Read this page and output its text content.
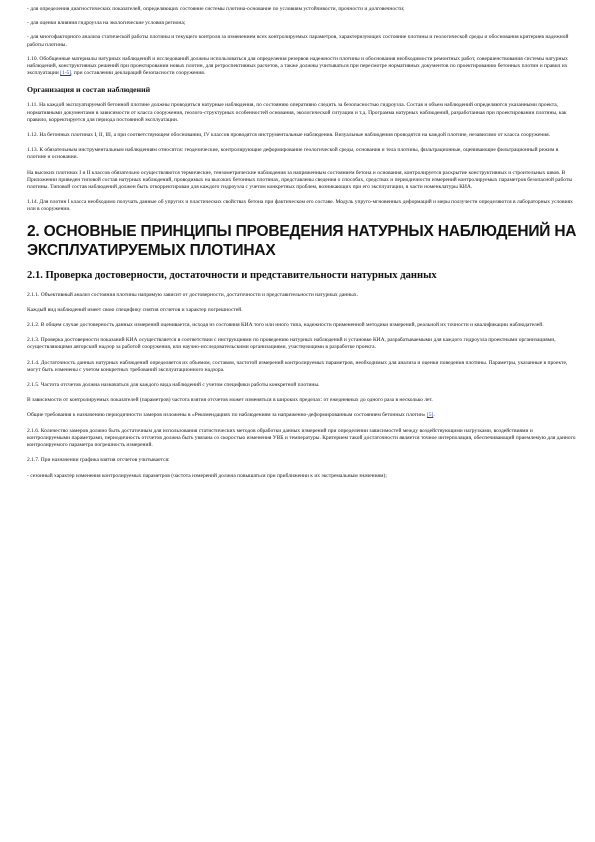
- для определения диагностических показателей, определяющих состояние системы плотина-основание по условиям устойчивости, прочности и долговечности;

- для оценки влияния гидроузла на экологические условия региона;

- для многофакторного анализа статической работы плотины и текущего контроля за изменением всех контролируемых параметров, характеризующих состояние плотины и геологической среды и обоснования критериев надежной работы плотины.

1.10. Обобщенные материалы натурных наблюдений и исследований должны использоваться для определения резервов надежности плотины и обоснования необходимости ремонтных работ, совершенствования системы натурных наблюдений, конструктивных решений при проектировании новых плотин, для ретроспективных расчетов, а также должны учитываться при пересмотре нормативных документов по проектированию бетонных плотин и правил их эксплуатации [1-5], при составлении деклараций безопасности сооружения.

Организация и состав наблюдений

1.11. На каждой эксплуатируемой бетонной плотине должны проводиться натурные наблюдения, по состоянию оперативно следить за безопасностью гидроузла. Состав и объем наблюдений определяются указанными проекта, нормативными документами в зависимости от класса сооружения, геолого-структурных особенностей основания, экологической ситуации и т.д. Программа натурных наблюдений, разработанная при проектировании плотины, как правило, корректируется для периода постоянной эксплуатации.

1.12. На бетонных плотинах I, II, III, а при соответствующем обосновании, IV классов проводятся инструментальные наблюдения. Визуальные наблюдения проводятся на каждой плотине, независимо от класса сооружения.

1.13. К обязательным инструментальным наблюдениям относятся: геодезические, контролирующие деформирование геологической среды, основания и тела плотины, фильтрационные, оценивающие фильтрационный режим в плотине и основании.

На высоких плотинах I и II классов обязательно осуществляются термические, тензометрические наблюдения за напряженным состоянием бетона и основания, контролируется раскрытие конструктивных и строительных швов. В Приложении приведен типовой состав натурных наблюдений, проводимых на высоких бетонных плотинах, представлены сведения о способах, средствах и периодичности измерений контролируемых параметров безопасной работы плотины. Типовой состав наблюдений должен быть откорректирован для каждого гидроузла с учетом конкретных проблем, возникающих при его эксплуатации, в части номенклатуры КИА.

1.14. Для плотин I класса необходимо получать данные об упругих и пластических свойствах бетона при фактическом его составе. Модуль упруго-мгновенных деформаций и меры ползучести определяются в лабораторных условиях или в сооружении.

2. ОСНОВНЫЕ ПРИНЦИПЫ ПРОВЕДЕНИЯ НАТУРНЫХ НАБЛЮДЕНИЙ НА ЭКСПЛУАТИРУЕМЫХ ПЛОТИНАХ
2.1. Проверка достоверности, достаточности и представительности натурных данных

2.1.1. Объективный анализ состояния плотины напрямую зависит от достоверности, достаточности и представительности натурных данных.

Каждый вид наблюдений имеет свою специфику снятия отсчетов и характер погрешностей.

2.1.2. В общем случае достоверность данных измерений оценивается, исходя из состояния КИА того или иного типа, надежности примененной методики измерений, реальной их точности и квалификации наблюдателей.

2.1.3. Проверка достоверности показаний КИА осуществляется в соответствии с инструкциями по проведению натурных наблюдений и установке КИА, разрабатываемыми для каждого гидроузла проектными организациями, осуществляющими авторский надзор за работой сооружения, или научно-исследовательскими организациями, участвующими в разработке проекта.

2.1.4. Достаточность данных натурных наблюдений определяется их объемом, составом, частотой измерений контролируемых параметров, необходимых для анализа и оценки поведения плотины. Параметры, указанные в проекте, могут быть изменены с учетом конкретных требований эксплуатационного надзора.

2.1.5. Частота отсчетов должна назначаться для каждого вида наблюдений с учетом специфики работы конкретной плотины.

В зависимости от контролируемых показателей (параметров) частота взятия отсчетов может изменяться в широких пределах: от ежедневных до одного раза в несколько лет.

Общие требования к назначению периодичности замеров изложены в «Рекомендациях по наблюдениям за напряженно-деформированным состоянием бетонных плотин» [5].

2.1.6. Количество замеров должно быть достаточным для использования статистических методов обработки данных измерений при определении зависимостей между воздействующими нагрузками, воздействиями и контролируемыми параметрами, периодичность отсчетов должна быть увязана со скоростью изменения УВБ и температуры. Критерием такой достаточности является точное интерполяция, обеспечивающий приемлемую для данного контролируемого параметра погрешность измерений.

2.1.7. При назначении графика взятия отсчетов учитывается:

- сезонный характер изменения контролируемых параметров (частота измерений должна повышаться при приближении к их экстремальным значениям);
